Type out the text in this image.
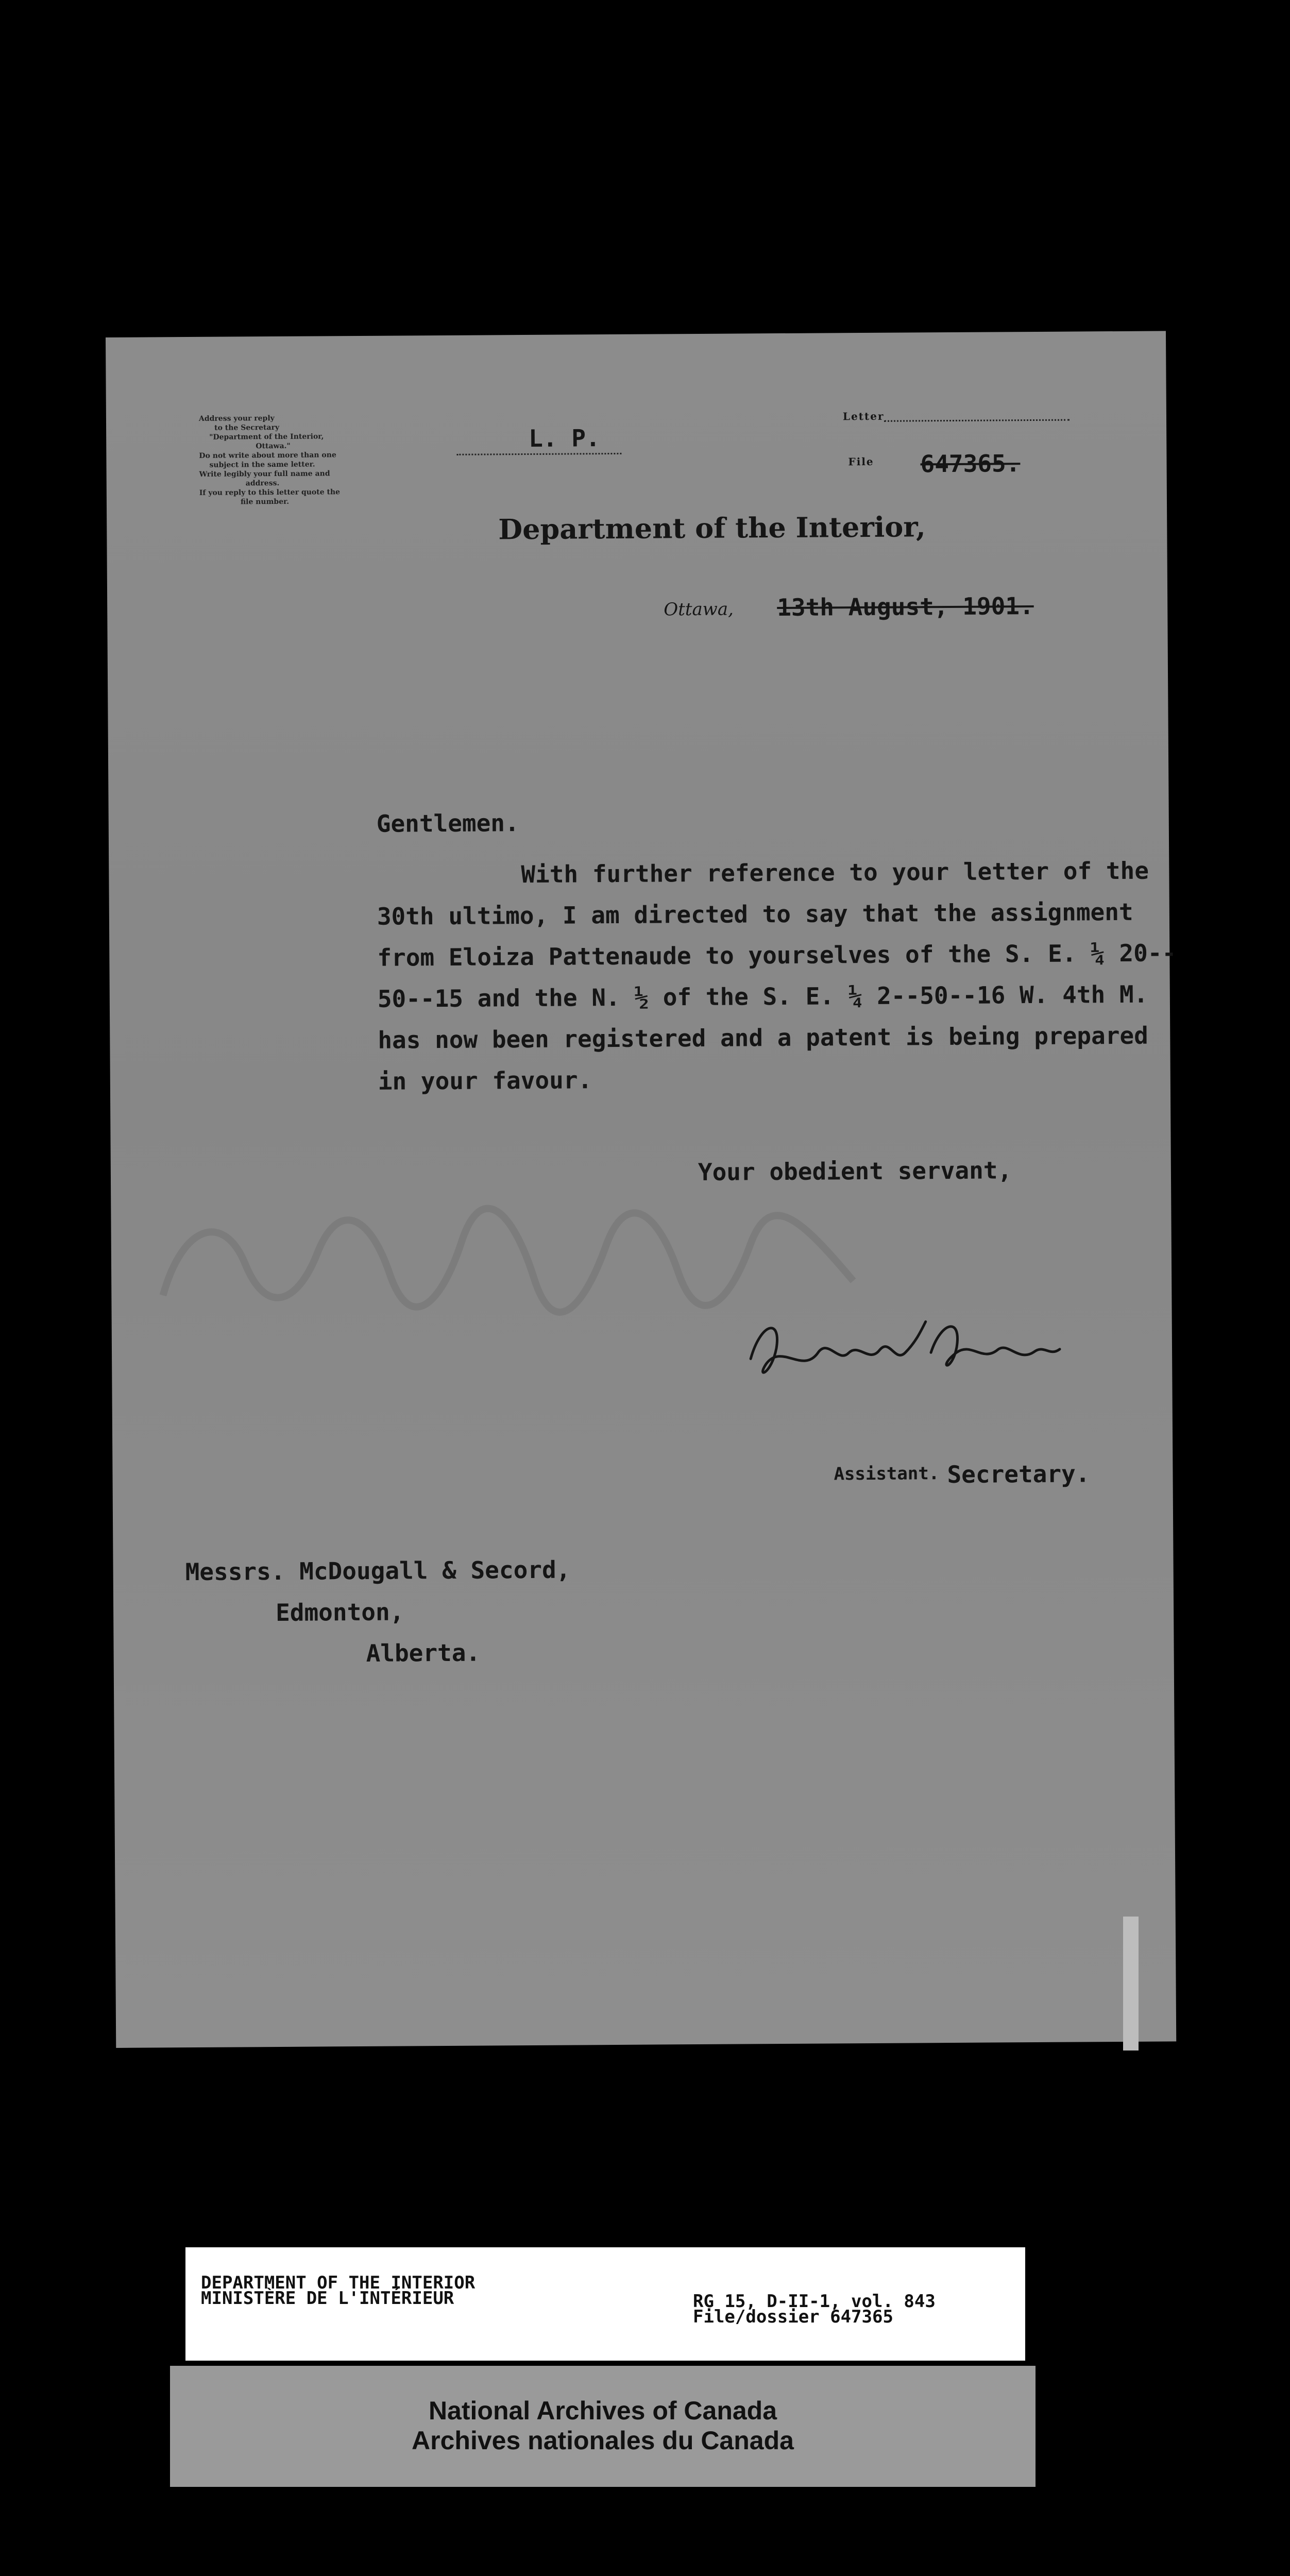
Address your reply
to the Secretary
"Department of the Interior,
Ottawa."
Do not write about more than one
subject in the same letter.
Write legibly your full name and
address.
If you reply to this letter quote the
file number.
L. P.
Letter
File 647365.
Department of the Interior,
Ottawa, 13th August, 1901.
Gentlemen.
With further reference to your letter of the
30th ultimo, I am directed to say that the assignment
from Eloiza Pattenaude to yourselves of the S. E. ¼ 20--
50--15 and the N. ½ of the S. E. ¼ 2--50--16 W. 4th M.
has now been registered and a patent is being prepared
in your favour.
Your obedient servant,
Assistant. Secretary.
Messrs. McDougall & Secord,
Edmonton,
Alberta.
DEPARTMENT OF THE INTERIOR
MINISTÈRE DE L'INTÉRIEUR	RG 15, D-II-1, vol. 843
File/dossier 647365
National Archives of Canada
Archives nationales du Canada
